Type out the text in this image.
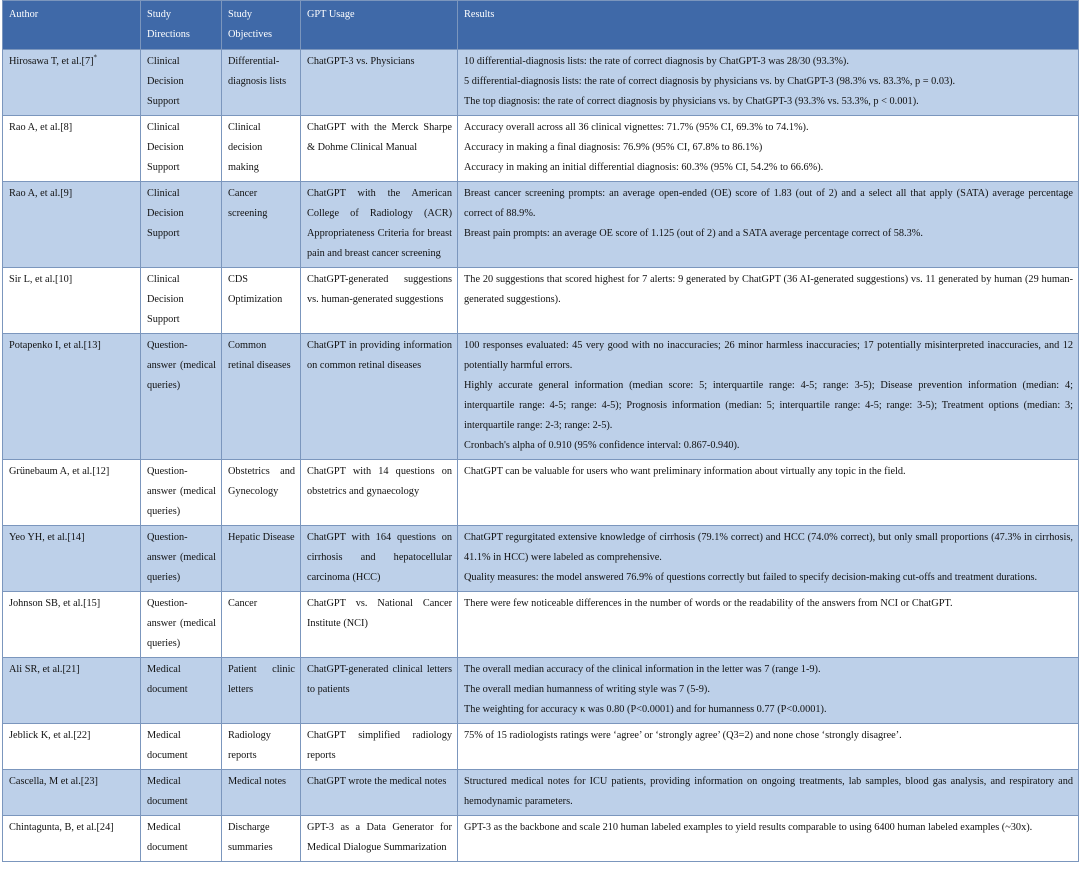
Author	Study Directions	Study Objectives	GPT Usage	Results
Hirosawa T, et al.[7]*	Clinical Decision Support	Differential-diagnosis lists	ChatGPT-3 vs. Physicians	10 differential-diagnosis lists: the rate of correct diagnosis by ChatGPT-3 was 28/30 (93.3%).
5 differential-diagnosis lists: the rate of correct diagnosis by physicians vs. by ChatGPT-3 (98.3% vs. 83.3%, p = 0.03).
The top diagnosis: the rate of correct diagnosis by physicians vs. by ChatGPT-3 (93.3% vs. 53.3%, p < 0.001).

Rao A, et al.[8]	Clinical Decision Support	Clinical decision making	ChatGPT with the Merck Sharpe & Dohme Clinical Manual	Accuracy overall across all 36 clinical vignettes: 71.7% (95% CI, 69.3% to 74.1%).
Accuracy in making a final diagnosis: 76.9% (95% CI, 67.8% to 86.1%)
Accuracy in making an initial differential diagnosis: 60.3% (95% CI, 54.2% to 66.6%).

Rao A, et al.[9]	Clinical Decision Support	Cancer screening	ChatGPT with the American College of Radiology (ACR) Appropriateness Criteria for breast pain and breast cancer screening	Breast cancer screening prompts: an average open-ended (OE) score of 1.83 (out of 2) and a select all that apply (SATA) average percentage correct of 88.9%.
Breast pain prompts: an average OE score of 1.125 (out of 2) and a SATA average percentage correct of 58.3%.

Sir L, et al.[10]	Clinical Decision Support	CDS Optimization	ChatGPT-generated suggestions vs. human-generated suggestions	The 20 suggestions that scored highest for 7 alerts: 9 generated by ChatGPT (36 AI-generated suggestions) vs. 11 generated by human (29 human-generated suggestions).

Potapenko I, et al.[13]	Question-answer (medical queries)	Common retinal diseases	ChatGPT in providing information on common retinal diseases	100 responses evaluated: 45 very good with no inaccuracies; 26 minor harmless inaccuracies; 17 potentially misinterpreted inaccuracies, and 12 potentially harmful errors.
Highly accurate general information (median score: 5; interquartile range: 4-5; range: 3-5); Disease prevention information (median: 4; interquartile range: 4-5; range: 4-5); Prognosis information (median: 5; interquartile range: 4-5; range: 3-5); Treatment options (median: 3; interquartile range: 2-3; range: 2-5).
Cronbach's alpha of 0.910 (95% confidence interval: 0.867-0.940).

Grünebaum A, et al.[12]	Question-answer (medical queries)	Obstetrics and Gynecology	ChatGPT with 14 questions on obstetrics and gynaecology	ChatGPT can be valuable for users who want preliminary information about virtually any topic in the field.

Yeo YH, et al.[14]	Question-answer (medical queries)	Hepatic Disease	ChatGPT with 164 questions on cirrhosis and hepatocellular carcinoma (HCC)	ChatGPT regurgitated extensive knowledge of cirrhosis (79.1% correct) and HCC (74.0% correct), but only small proportions (47.3% in cirrhosis, 41.1% in HCC) were labeled as comprehensive.
Quality measures: the model answered 76.9% of questions correctly but failed to specify decision-making cut-offs and treatment durations.

Johnson SB, et al.[15]	Question-answer (medical queries)	Cancer	ChatGPT vs. National Cancer Institute (NCI)	There were few noticeable differences in the number of words or the readability of the answers from NCI or ChatGPT.

Ali SR, et al.[21]	Medical document	Patient clinic letters	ChatGPT-generated clinical letters to patients	The overall median accuracy of the clinical information in the letter was 7 (range 1-9).
The overall median humanness of writing style was 7 (5-9).
The weighting for accuracy κ was 0.80 (P<0.0001) and for humanness 0.77 (P<0.0001).

Jeblick K, et al.[22]	Medical document	Radiology reports	ChatGPT simplified radiology reports	75% of 15 radiologists ratings were ‘agree’ or ‘strongly agree’ (Q3=2) and none chose ‘strongly disagree’.

Cascella, M et al.[23]	Medical document	Medical notes	ChatGPT wrote the medical notes	Structured medical notes for ICU patients, providing information on ongoing treatments, lab samples, blood gas analysis, and respiratory and hemodynamic parameters.

Chintagunta, B, et al.[24]	Medical document	Discharge summaries	GPT-3 as a Data Generator for Medical Dialogue Summarization	GPT-3 as the backbone and scale 210 human labeled examples to yield results comparable to using 6400 human labeled examples (~30x).
